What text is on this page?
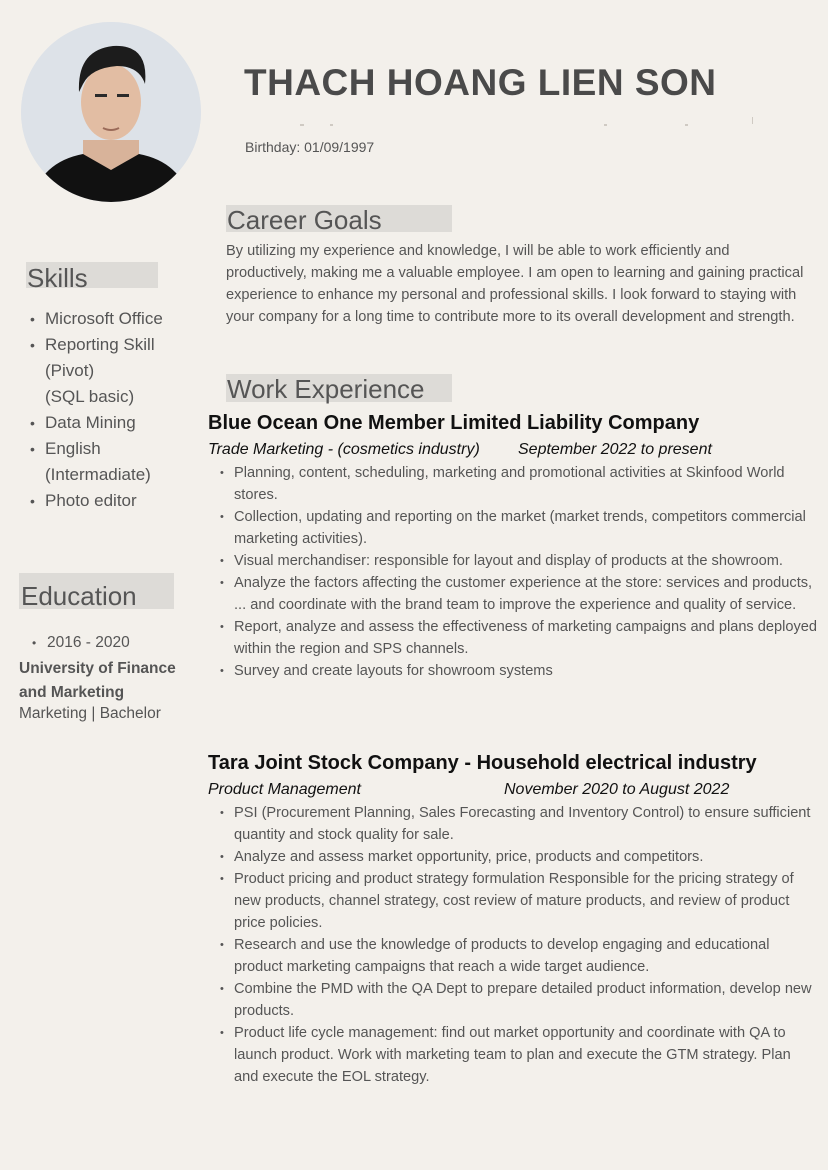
THACH HOANG LIEN SON
Birthday: 01/09/1997
Career Goals

By utilizing my experience and knowledge, I will be able to work efficiently and productively, making me a valuable employee. I am open to learning and gaining practical experience to enhance my personal and professional skills. I look forward to staying with your company for a long time to contribute more to its overall development and strength.

Skills
• Microsoft Office
• Reporting Skill
(Pivot)
(SQL basic)
• Data Mining
• English
(Intermadiate)
• Photo editor
Education
• 2016 - 2020

University of Finance and Marketing

Marketing | Bachelor

Work Experience
Blue Ocean One Member Limited Liability Company

Trade Marketing - (cosmetics industry) September 2022 to present

• Planning, content, scheduling, marketing and promotional activities at Skinfood World stores.
• Collection, updating and reporting on the market (market trends, competitors commercial marketing activities).
• Visual merchandiser: responsible for layout and display of products at the showroom.
• Analyze the factors affecting the customer experience at the store: services and products, ... and coordinate with the brand team to improve the experience and quality of service.
• Report, analyze and assess the effectiveness of marketing campaigns and plans deployed within the region and SPS channels.
• Survey and create layouts for showroom systems
Tara Joint Stock Company - Household electrical industry

Product Management	November 2020 to August 2022

• PSI (Procurement Planning, Sales Forecasting and Inventory Control) to ensure sufficient quantity and stock quality for sale.
• Analyze and assess market opportunity, price, products and competitors.
• Product pricing and product strategy formulation Responsible for the pricing strategy of new products, channel strategy, cost review of mature products, and review of product price policies.
• Research and use the knowledge of products to develop engaging and educational product marketing campaigns that reach a wide target audience.
• Combine the PMD with the QA Dept to prepare detailed product information, develop new products.
• Product life cycle management: find out market opportunity and coordinate with QA to launch product. Work with marketing team to plan and execute the GTM strategy. Plan and execute the EOL strategy.
